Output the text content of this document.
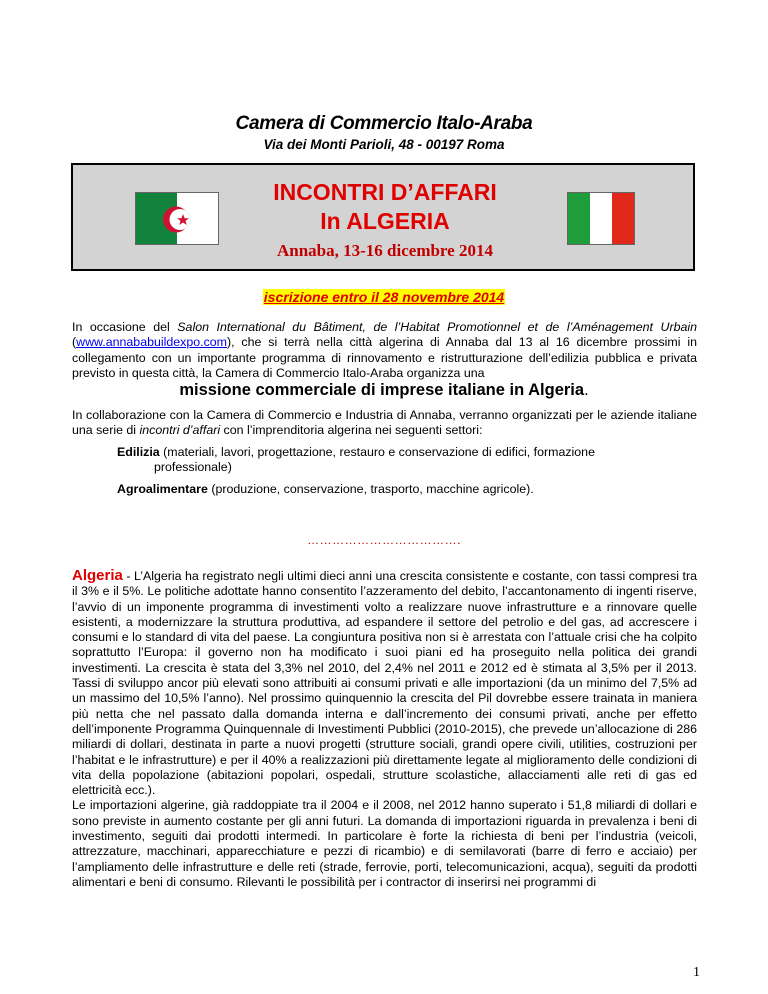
Camera di Commercio Italo-Araba
Via dei Monti Parioli, 48 - 00197 Roma
INCONTRI D’AFFARI
In ALGERIA
Annaba, 13-16 dicembre 2014
iscrizione entro il 28 novembre 2014
In occasione del Salon International du Bâtiment, de l’Habitat Promotionnel et de l’Aménagement Urbain (www.annababuildexpo.com), che si terrà nella città algerina di Annaba dal 13 al 16 dicembre prossimi in collegamento con un importante programma di rinnovamento e ristrutturazione dell’edilizia pubblica e privata previsto in questa città, la Camera di Commercio Italo-Araba organizza una
missione commerciale di imprese italiane in Algeria.
In collaborazione con la Camera di Commercio e Industria di Annaba, verranno organizzati per le aziende italiane una serie di incontri d’affari con l’imprenditoria algerina nei seguenti settori:
Edilizia (materiali, lavori, progettazione, restauro e conservazione di edifici, formazione
professionale)
Agroalimentare (produzione, conservazione, trasporto, macchine agricole).
……………………………….
Algeria - L’Algeria ha registrato negli ultimi dieci anni una crescita consistente e costante, con tassi compresi tra il 3% e il 5%. Le politiche adottate hanno consentito l’azzeramento del debito, l’accantonamento di ingenti riserve, l’avvio di un imponente programma di investimenti volto a realizzare nuove infrastrutture e a rinnovare quelle esistenti, a modernizzare la struttura produttiva, ad espandere il settore del petrolio e del gas, ad accrescere i consumi e lo standard di vita del paese. La congiuntura positiva non si è arrestata con l’attuale crisi che ha colpito soprattutto l’Europa: il governo non ha modificato i suoi piani ed ha proseguito nella politica dei grandi investimenti. La crescita è stata del 3,3% nel 2010, del 2,4% nel 2011 e 2012 ed è stimata al 3,5% per il 2013. Tassi di sviluppo ancor più elevati sono attribuiti ai consumi privati e alle importazioni (da un minimo del 7,5% ad un massimo del 10,5% l’anno). Nel prossimo quinquennio la crescita del Pil dovrebbe essere trainata in maniera più netta che nel passato dalla domanda interna e dall’incremento dei consumi privati, anche per effetto dell’imponente Programma Quinquennale di Investimenti Pubblici (2010-2015), che prevede un’allocazione di 286 miliardi di dollari, destinata in parte a nuovi progetti (strutture sociali, grandi opere civili, utilities, costruzioni per l’habitat e le infrastrutture) e per il 40% a realizzazioni più direttamente legate al miglioramento delle condizioni di vita della popolazione (abitazioni popolari, ospedali, strutture scolastiche, allacciamenti alle reti di gas ed elettricità ecc.).
Le importazioni algerine, già raddoppiate tra il 2004 e il 2008, nel 2012 hanno superato i 51,8 miliardi di dollari e sono previste in aumento costante per gli anni futuri. La domanda di importazioni riguarda in prevalenza i beni di investimento, seguiti dai prodotti intermedi. In particolare è forte la richiesta di beni per l’industria (veicoli, attrezzature, macchinari, apparecchiature e pezzi di ricambio) e di semilavorati (barre di ferro e acciaio) per l’ampliamento delle infrastrutture e delle reti (strade, ferrovie, porti, telecomunicazioni, acqua), seguiti da prodotti alimentari e beni di consumo. Rilevanti le possibilità per i contractor di inserirsi nei programmi di
1
